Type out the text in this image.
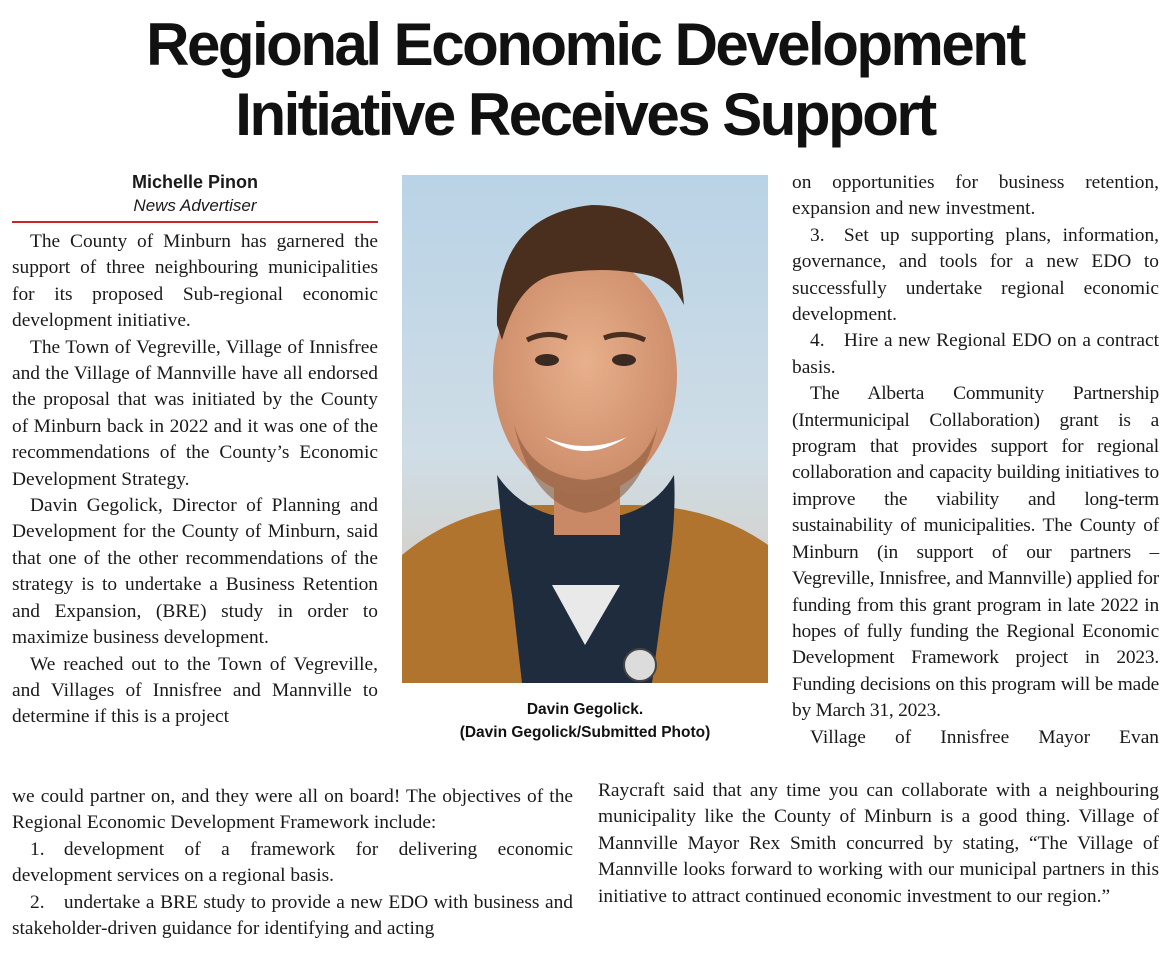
Regional Economic Development
Initiative Receives Support
Michelle Pinon
News Advertiser

The County of Minburn has garnered the support of three neighbouring municipalities for its proposed Sub-regional economic development initiative.

The Town of Vegreville, Village of Innisfree and the Village of Mannville have all endorsed the proposal that was initiated by the County of Minburn back in 2022 and it was one of the recommendations of the County’s Economic Development Strategy.

Davin Gegolick, Director of Planning and Development for the County of Minburn, said that one of the other recommendations of the strategy is to undertake a Business Retention and Expansion, (BRE) study in order to maximize business development.

We reached out to the Town of Vegreville, and Villages of Innisfree and Mannville to determine if this is a project

we could partner on, and they were all on board! The objectives of the Regional Economic Development Framework include:

1. development of a framework for delivering economic development services on a regional basis.

2. undertake a BRE study to provide a new EDO with business and stakeholder-driven guidance for identifying and acting

Davin Gegolick.
(Davin Gegolick/Submitted Photo)

on opportunities for business retention, expansion and new investment.

3. Set up supporting plans, information, governance, and tools for a new EDO to successfully undertake regional economic development.

4. Hire a new Regional EDO on a contract basis.

The Alberta Community Partnership (Intermunicipal Collaboration) grant is a program that provides support for regional collaboration and capacity building initiatives to improve the viability and long-term sustainability of municipalities. The County of Minburn (in support of our partners – Vegreville, Innisfree, and Mannville) applied for funding from this grant program in late 2022 in hopes of fully funding the Regional Economic Development Framework project in 2023. Funding decisions on this program will be made by March 31, 2023.

Village of Innisfree Mayor Evan

Raycraft said that any time you can collaborate with a neighbouring municipality like the County of Minburn is a good thing. Village of Mannville Mayor Rex Smith concurred by stating, “The Village of Mannville looks forward to working with our municipal partners in this initiative to attract continued economic investment to our region.”
